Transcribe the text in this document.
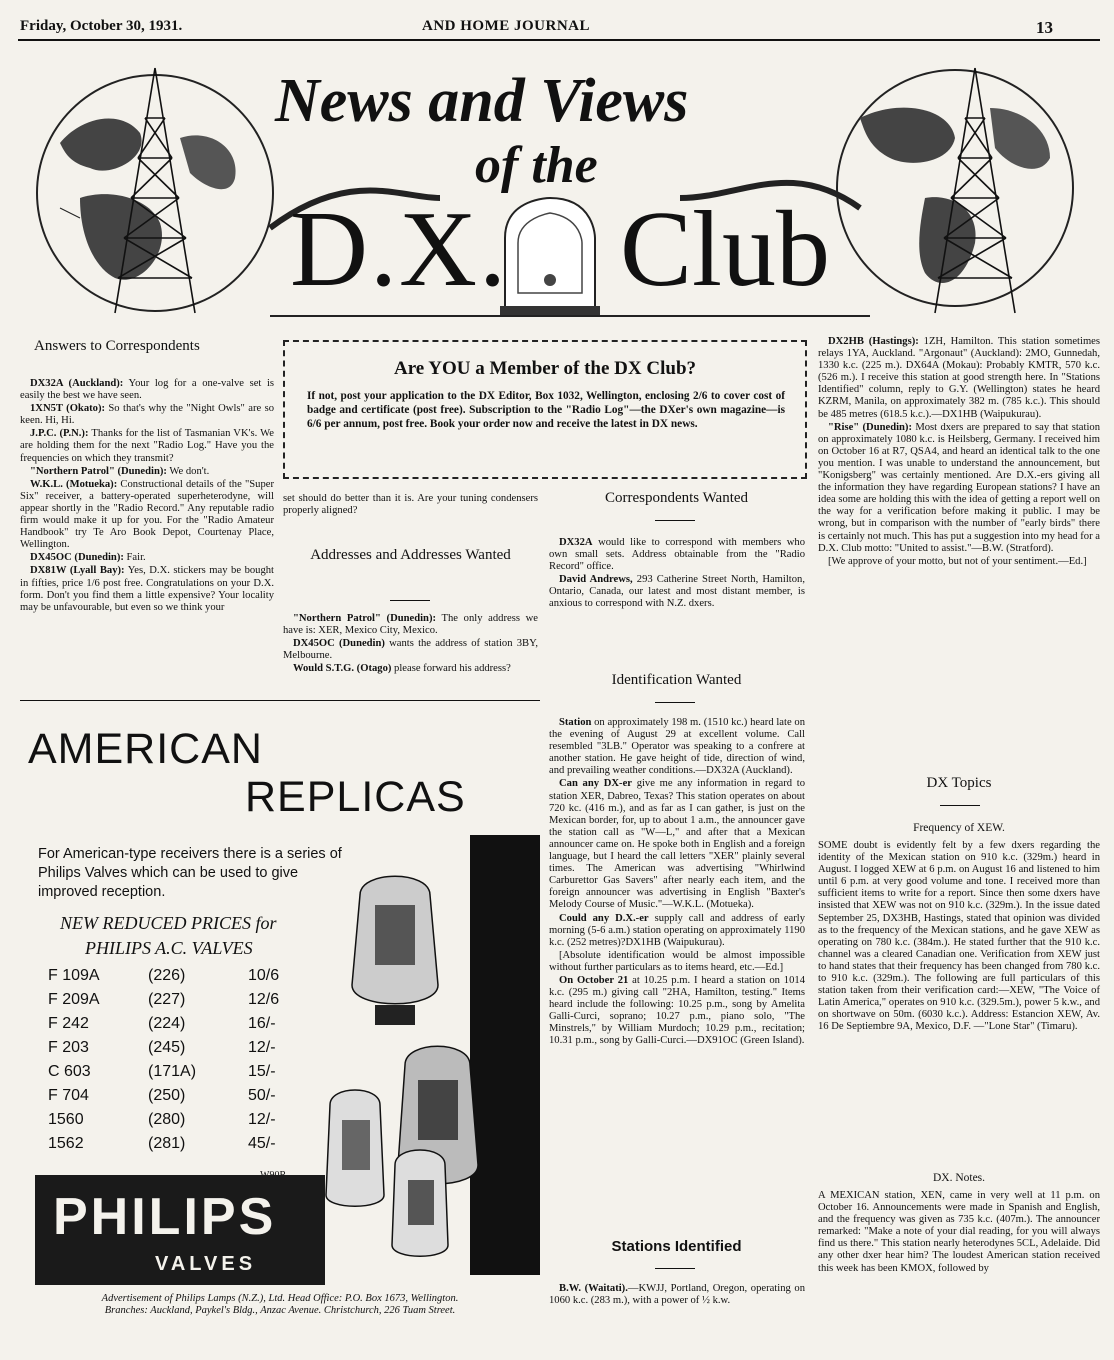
Friday, October 30, 1931.	AND HOME JOURNAL	13
News and Views
of the
D.X. Club
Answers to Correspondents

DX32A (Auckland): Your log for a one-valve set is easily the best we have seen.

1XN5T (Okato): So that's why the "Night Owls" are so keen. Hi, Hi.

J.P.C. (P.N.): Thanks for the list of Tasmanian VK's. We are holding them for the next "Radio Log." Have you the frequencies on which they transmit?

"Northern Patrol" (Dunedin): We don't.

W.K.L. (Motueka): Constructional details of the "Super Six" receiver, a battery-operated superheterodyne, will appear shortly in the "Radio Record." Any reputable radio firm would make it up for you. For the "Radio Amateur Handbook" try Te Aro Book Depot, Courtenay Place, Wellington.

DX45OC (Dunedin): Fair.

DX81W (Lyall Bay): Yes, D.X. stickers may be bought in fifties, price 1/6 post free. Congratulations on your D.X. form. Don't you find them a little expensive? Your locality may be unfavourable, but even so we think your

Are YOU a Member of the DX Club?
If not, post your application to the DX Editor, Box 1032, Wellington, enclosing 2/6 to cover cost of badge and certificate (post free). Subscription to the "Radio Log"—the DXer's own magazine—is 6/6 per annum, post free. Book your order now and receive the latest in DX news.

set should do better than it is. Are your tuning condensers properly aligned?

Addresses and Addresses Wanted

"Northern Patrol" (Dunedin): The only address we have is: XER, Mexico City, Mexico.

DX45OC (Dunedin) wants the address of station 3BY, Melbourne.

Would S.T.G. (Otago) please forward his address?

Correspondents Wanted

DX32A would like to correspond with members who own small sets. Address obtainable from the "Radio Record" office.

David Andrews, 293 Catherine Street North, Hamilton, Ontario, Canada, our latest and most distant member, is anxious to correspond with N.Z. dxers.

Identification Wanted

Station on approximately 198 m. (1510 kc.) heard late on the evening of August 29 at excellent volume. Call resembled "3LB." Operator was speaking to a confrere at another station. He gave height of tide, direction of wind, and prevailing weather conditions.—DX32A (Auckland).

Can any DX-er give me any information in regard to station XER, Dabreo, Texas? This station operates on about 720 kc. (416 m.), and as far as I can gather, is just on the Mexican border, for, up to about 1 a.m., the announcer gave the station call as "W—L," and after that a Mexican announcer came on. He spoke both in English and a foreign language, but I heard the call letters "XER" plainly several times. The American was advertising "Whirlwind Carburettor Gas Savers" after nearly each item, and the foreign announcer was advertising in English "Baxter's Melody Course of Music."—W.K.L. (Motueka).

Could any D.X.-er supply call and address of early morning (5-6 a.m.) station operating on approximately 1190 k.c. (252 metres)?DX1HB (Waipukurau).

[Absolute identification would be almost impossible without further particulars as to items heard, etc.—Ed.]

On October 21 at 10.25 p.m. I heard a station on 1014 k.c. (295 m.) giving call "2HA, Hamilton, testing." Items heard include the following: 10.25 p.m., song by Amelita Galli-Curci, soprano; 10.27 p.m., piano solo, "The Minstrels," by William Murdoch; 10.29 p.m., recitation; 10.31 p.m., song by Galli-Curci.—DX91OC (Green Island).

Stations Identified

B.W. (Waitati).—KWJJ, Portland, Oregon, operating on 1060 k.c. (283 m.), with a power of ½ k.w.

DX2HB (Hastings): 1ZH, Hamilton. This station sometimes relays 1YA, Auckland. "Argonaut" (Auckland): 2MO, Gunnedah, 1330 k.c. (225 m.). DX64A (Mokau): Probably KMTR, 570 k.c. (526 m.). I receive this station at good strength here. In "Stations Identified" column, reply to G.Y. (Wellington) states he heard KZRM, Manila, on approximately 382 m. (785 k.c.). This should be 485 metres (618.5 k.c.).—DX1HB (Waipukurau).

"Rise" (Dunedin): Most dxers are prepared to say that station on approximately 1080 k.c. is Heilsberg, Germany. I received him on October 16 at R7, QSA4, and heard an identical talk to the one you mention. I was unable to understand the announcement, but "Konigsberg" was certainly mentioned. Are D.X.-ers giving all the information they have regarding European stations? I have an idea some are holding this with the idea of getting a report well on the way for a verification before making it public. I may be wrong, but in comparison with the number of "early birds" there is certainly not much. This has put a suggestion into my head for a D.X. Club motto: "United to assist."—B.W. (Stratford).

[We approve of your motto, but not of your sentiment.—Ed.]

DX Topics
Frequency of XEW.

SOME doubt is evidently felt by a few dxers regarding the identity of the Mexican station on 910 k.c. (329m.) heard in August. I logged XEW at 6 p.m. on August 16 and listened to him until 6 p.m. at very good volume and tone. I received more than sufficient items to write for a report. Since then some dxers have insisted that XEW was not on 910 k.c. (329m.). In the issue dated September 25, DX3HB, Hastings, stated that opinion was divided as to the frequency of the Mexican stations, and he gave XEW as operating on 780 k.c. (384m.). He stated further that the 910 k.c. channel was a cleared Canadian one. Verification from XEW just to hand states that their frequency has been changed from 780 k.c. to 910 k.c. (329m.). The following are full particulars of this station taken from their verification card:—XEW, "The Voice of Latin America," operates on 910 k.c. (329.5m.), power 5 k.w., and on shortwave on 50m. (6030 k.c.). Address: Estancion XEW, Av. 16 De Septiembre 9A, Mexico, D.F. —"Lone Star" (Timaru).

DX. Notes.

A MEXICAN station, XEN, came in very well at 11 p.m. on October 16. Announcements were made in Spanish and English, and the frequency was given as 735 k.c. (407m.). The announcer remarked: "Make a note of your dial reading, for you will always find us there." This station nearly heterodynes 5CL, Adelaide. Did any other dxer hear him? The loudest American station received this week has been KMOX, followed by

AMERICAN
REPLICAS
For American-type receivers there is a series of Philips Valves which can be used to give improved reception.
NEW REDUCED PRICES for
PHILIPS A.C. VALVES
F 109A	(226)	10/6
F 209A	(227)	12/6
F 242	(224)	16/-
F 203	(245)	12/-
C 603	(171A)	15/-
F 704	(250)	50/-
1560	(280)	12/-
1562	(281)	45/-
PHILIPS
VALVES
Advertisement of Philips Lamps (N.Z.), Ltd. Head Office: P.O. Box 1673, Wellington.
Branches: Auckland, Paykel's Bldg., Anzac Avenue. Christchurch, 226 Tuam Street.
